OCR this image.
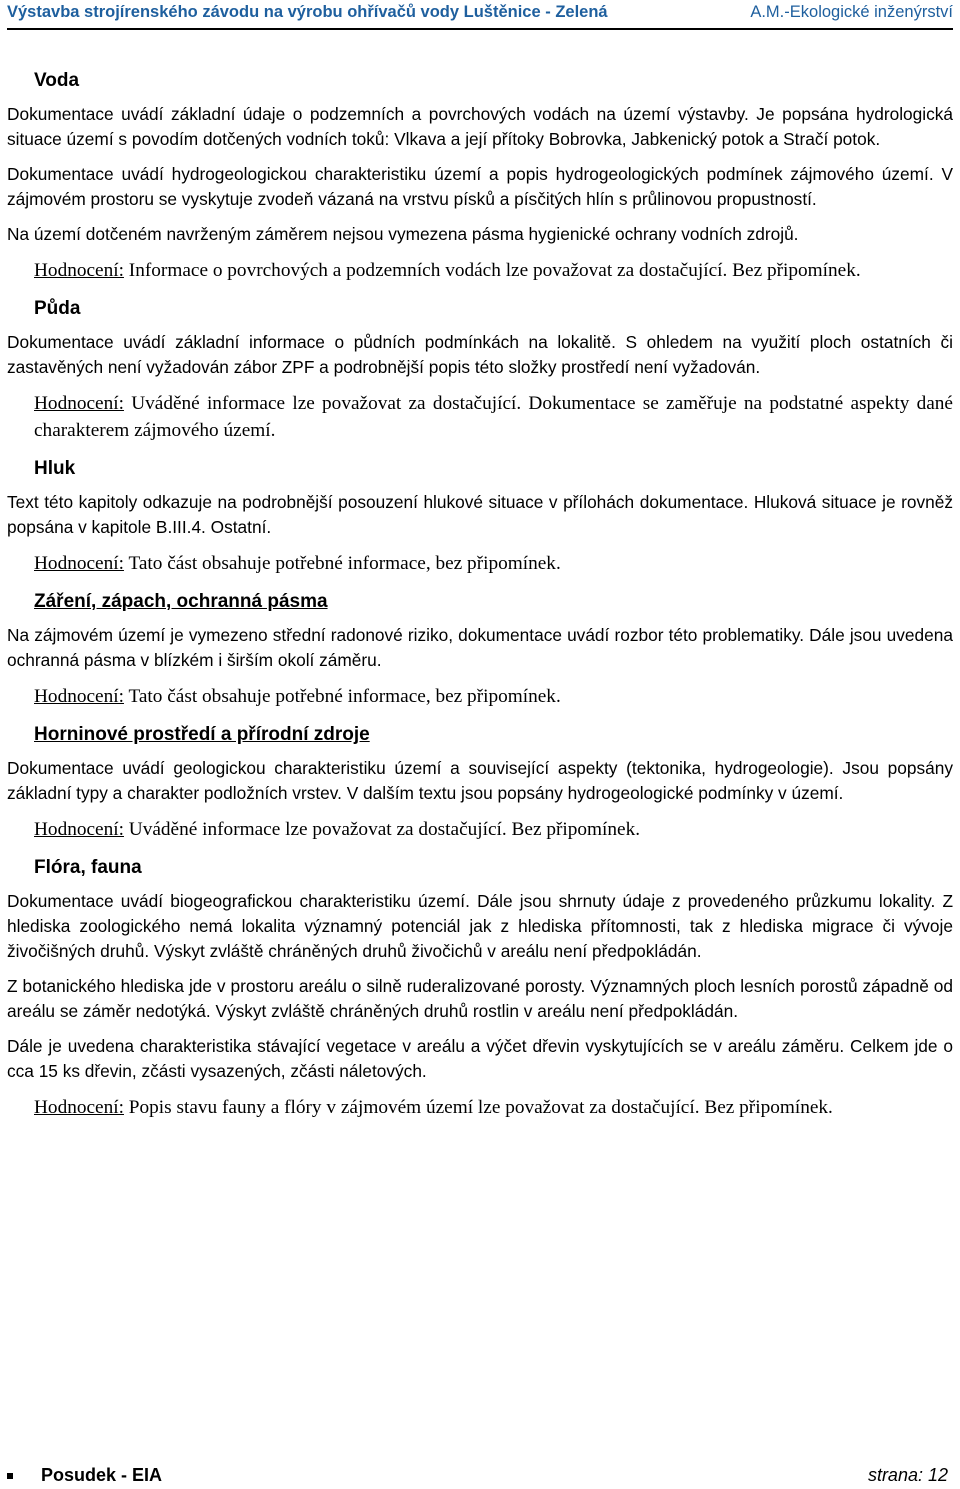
Výstavba strojírenského závodu na výrobu ohřívačů vody Luštěnice - Zelená	A.M.-Ekologické inženýrství
Voda

Dokumentace uvádí základní údaje o podzemních a povrchových vodách na území výstavby. Je popsána hydrologická situace území s povodím dotčených vodních toků: Vlkava a její přítoky Bobrovka, Jabkenický potok a Stračí potok.

Dokumentace uvádí hydrogeologickou charakteristiku území a popis hydrogeologických podmínek zájmového území. V zájmovém prostoru se vyskytuje zvodeň vázaná na vrstvu písků a písčitých hlín s průlinovou propustností.

Na území dotčeném navrženým záměrem nejsou vymezena pásma hygienické ochrany vodních zdrojů.

Hodnocení: Informace o povrchových a podzemních vodách lze považovat za dostačující. Bez připomínek.

Půda

Dokumentace uvádí základní informace o půdních podmínkách na lokalitě. S ohledem na využití ploch ostatních či zastavěných není vyžadován zábor ZPF a podrobnější popis této složky prostředí není vyžadován.

Hodnocení: Uváděné informace lze považovat za dostačující. Dokumentace se zaměřuje na podstatné aspekty dané charakterem zájmového území.

Hluk

Text této kapitoly odkazuje na podrobnější posouzení hlukové situace v přílohách dokumentace. Hluková situace je rovněž popsána v kapitole B.III.4. Ostatní.

Hodnocení: Tato část obsahuje potřebné informace, bez připomínek.

Záření, zápach, ochranná pásma

Na zájmovém území je vymezeno střední radonové riziko, dokumentace uvádí rozbor této problematiky. Dále jsou uvedena ochranná pásma v blízkém i širším okolí záměru.

Hodnocení: Tato část obsahuje potřebné informace, bez připomínek.

Horninové prostředí a přírodní zdroje

Dokumentace uvádí geologickou charakteristiku území a související aspekty (tektonika, hydrogeologie). Jsou popsány základní typy a charakter podložních vrstev. V dalším textu jsou popsány hydrogeologické podmínky v území.

Hodnocení: Uváděné informace lze považovat za dostačující. Bez připomínek.

Flóra, fauna

Dokumentace uvádí biogeografickou charakteristiku území. Dále jsou shrnuty údaje z provedeného průzkumu lokality. Z hlediska zoologického nemá lokalita významný potenciál jak z hlediska přítomnosti, tak z hlediska migrace či vývoje živočišných druhů. Výskyt zvláště chráněných druhů živočichů v areálu není předpokládán.

Z botanického hlediska jde v prostoru areálu o silně ruderalizované porosty. Významných ploch lesních porostů západně od areálu se záměr nedotýká. Výskyt zvláště chráněných druhů rostlin v areálu není předpokládán.

Dále je uvedena charakteristika stávající vegetace v areálu a výčet dřevin vyskytujících se v areálu záměru. Celkem jde o cca 15 ks dřevin, zčásti vysazených, zčásti náletových.

Hodnocení: Popis stavu fauny a flóry v zájmovém území lze považovat za dostačující. Bez připomínek.

Posudek - EIA	strana: 12
